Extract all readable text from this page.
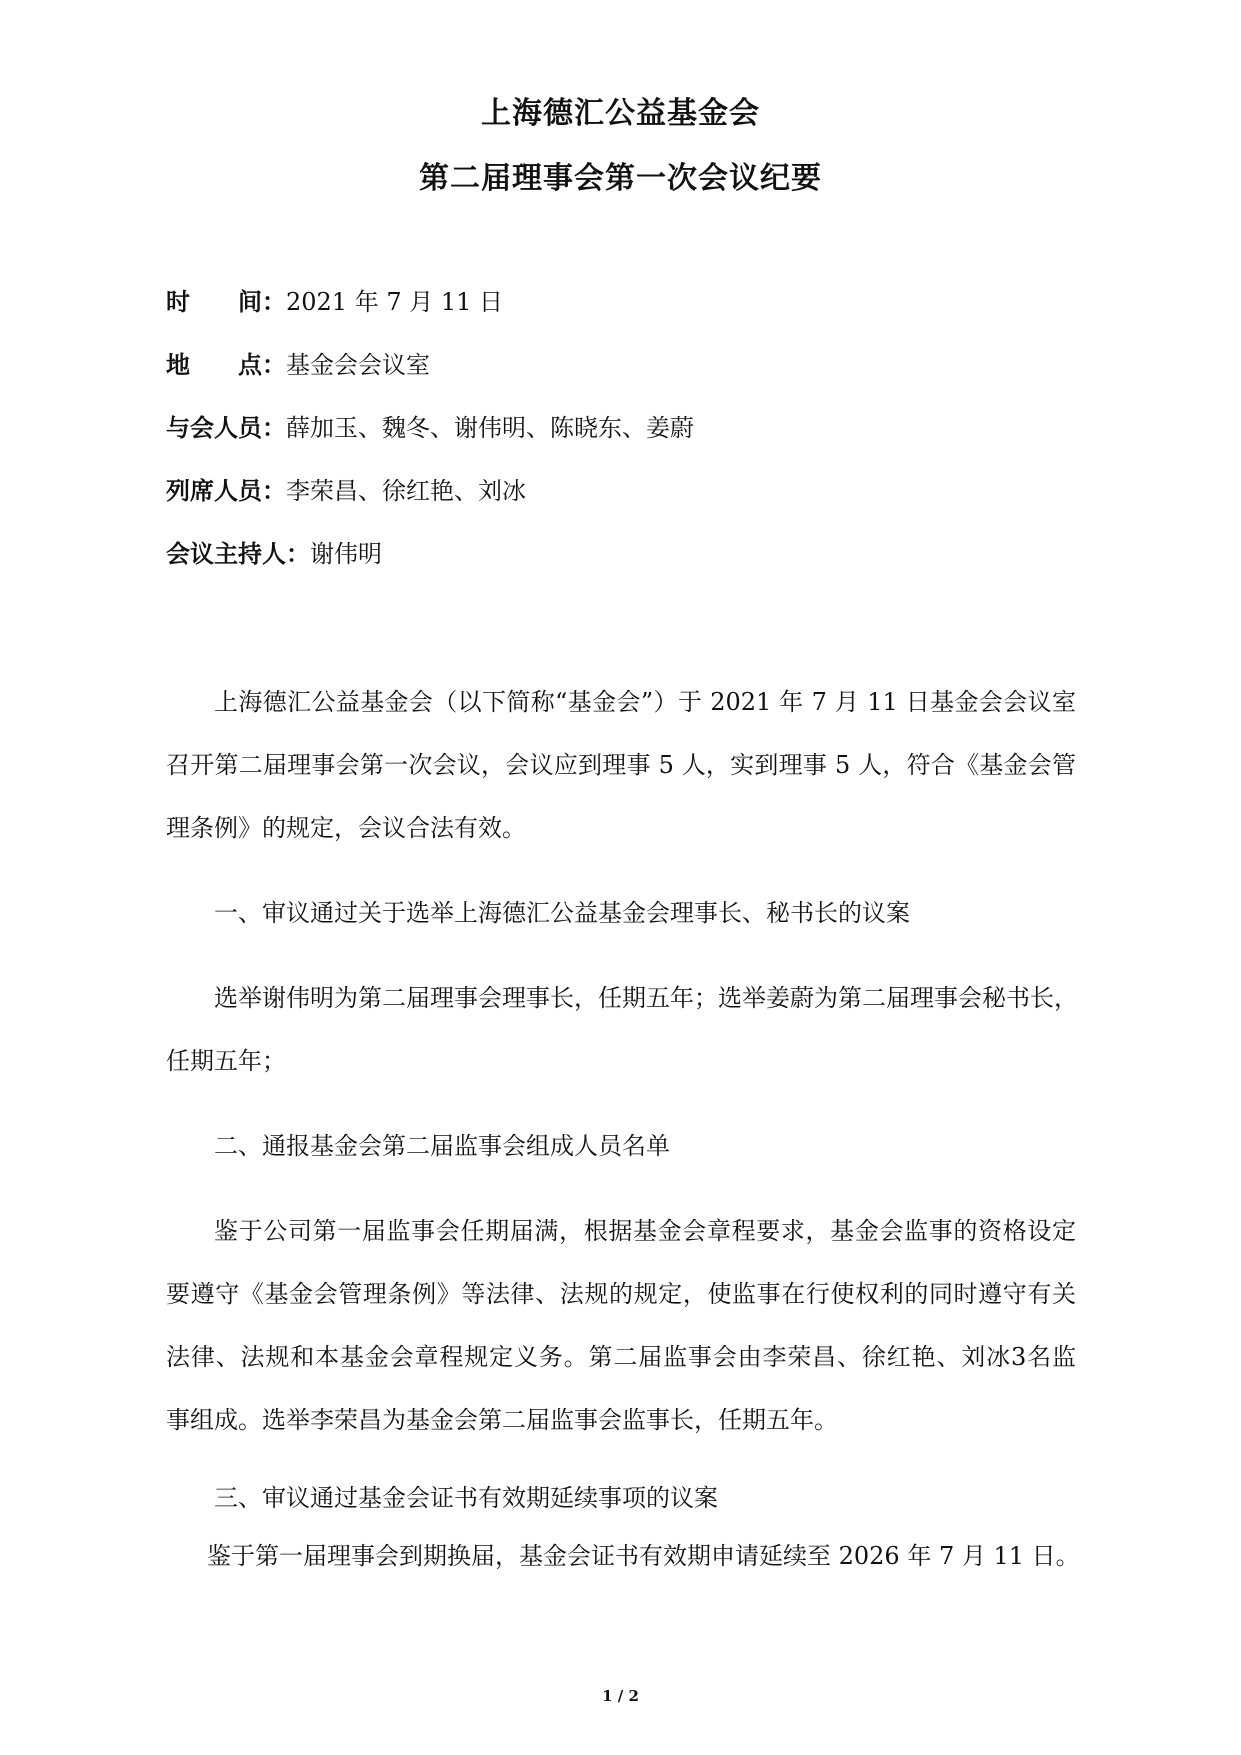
上海德汇公益基金会
第二届理事会第一次会议纪要
时　　间：2021 年 7 月 11 日
地　　点：基金会会议室
与会人员：薛加玉、魏冬、谢伟明、陈晓东、姜蔚
列席人员：李荣昌、徐红艳、刘冰
会议主持人：谢伟明
上海德汇公益基金会（以下简称“基金会”）于 2021 年 7 月 11 日基金会会议室
召开第二届理事会第一次会议，会议应到理事 5 人，实到理事 5 人，符合《基金会管
理条例》的规定，会议合法有效。
一、审议通过关于选举上海德汇公益基金会理事长、秘书长的议案
选举谢伟明为第二届理事会理事长，任期五年；选举姜蔚为第二届理事会秘书长，
任期五年；
二、通报基金会第二届监事会组成人员名单
鉴于公司第一届监事会任期届满，根据基金会章程要求，基金会监事的资格设定
要遵守《基金会管理条例》等法律、法规的规定，使监事在行使权利的同时遵守有关
法律、法规和本基金会章程规定义务。第二届监事会由李荣昌、徐红艳、刘冰3名监
事组成。选举李荣昌为基金会第二届监事会监事长，任期五年。
三、审议通过基金会证书有效期延续事项的议案
鉴于第一届理事会到期换届，基金会证书有效期申请延续至 2026 年 7 月 11 日。
1 / 2
